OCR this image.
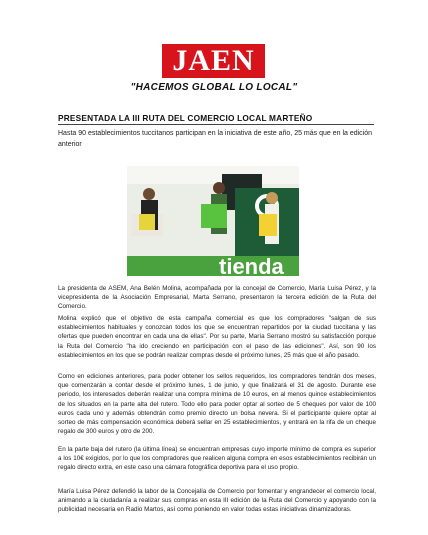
JAEN
"HACEMOS GLOBAL LO LOCAL"
PRESENTADA LA III RUTA DEL COMERCIO LOCAL MARTEÑO
Hasta 90 establecimientos tuccitanos participan en la iniciativa de este año, 25 más que en la edición anterior
tienda

La presidenta de ASEM, Ana Belén Molina, acompañada por la concejal de Comercio, María Luisa Pérez, y la vicepresidenta de la Asociación Empresarial, Marta Serrano, presentaron la tercera edición de la Ruta del Comercio.

Molina explicó que el objetivo de esta campaña comercial es que los compradores "salgan de sus establecimientos habituales y conozcan todos los que se encuentran repartidos por la ciudad tuccitana y las ofertas que pueden encontrar en cada una de ellas". Por su parte, María Serrano mostró su satisfacción porque la Ruta del Comercio "ha ido creciendo en participación con el paso de las ediciones". Así, son 90 los establecimientos en los que se podrán realizar compras desde el próximo lunes, 25 más que el año pasado.

Como en ediciones anteriores, para poder obtener los sellos requeridos, los compradores tendrán dos meses, que comenzarán a contar desde el próximo lunes, 1 de junio, y que finalizará el 31 de agosto. Durante ese periodo, los interesados deberán realizar una compra mínima de 10 euros, en al menos quince establecimientos de los situados en la parte alta del rutero. Todo ello para poder optar al sorteo de 5 cheques por valor de 100 euros cada uno y además obtendrán como premio directo un bolsa nevera. Si el participante quiere optar al sorteo de más compensación económica deberá sellar en 25 establecimientos, y entrará en la rifa de un cheque regalo de 300 euros y otro de 200.

En la parte baja del rutero (la última línea) se encuentran empresas cuyo importe mínimo de compra es superior a los 10€ exigidos, por lo que los compradores que realicen alguna compra en esos establecimientos recibirán un regalo directo extra, en este caso una cámara fotográfica deportiva para el uso propio.

María Luisa Pérez defendió la labor de la Concejalía de Comercio por fomentar y engrandecer el comercio local, animando a la ciudadanía a realizar sus compras en esta III edición de la Ruta del Comercio y apoyando con la publicidad necesaria en Radio Martos, así como poniendo en valor todas estas iniciativas dinamizadoras.
